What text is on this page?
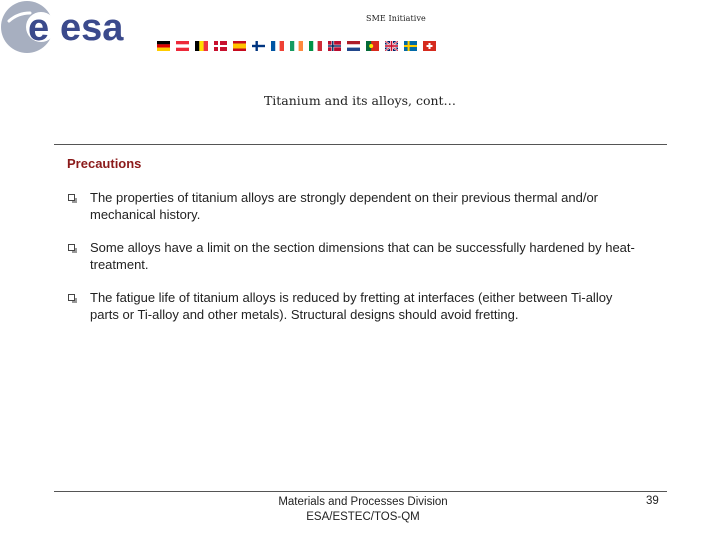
e esa	SME Initiative
Titanium and its alloys, cont…
Precautions
The properties of titanium alloys are strongly dependent on their previous thermal and/or mechanical history.
Some alloys have a limit on the section dimensions that can be successfully hardened by heat-treatment.
The fatigue life of titanium alloys is reduced by fretting at interfaces (either between Ti-alloy parts or Ti-alloy and other metals). Structural designs should avoid fretting.
Materials and Processes Division
ESA/ESTEC/TOS-QM
39
